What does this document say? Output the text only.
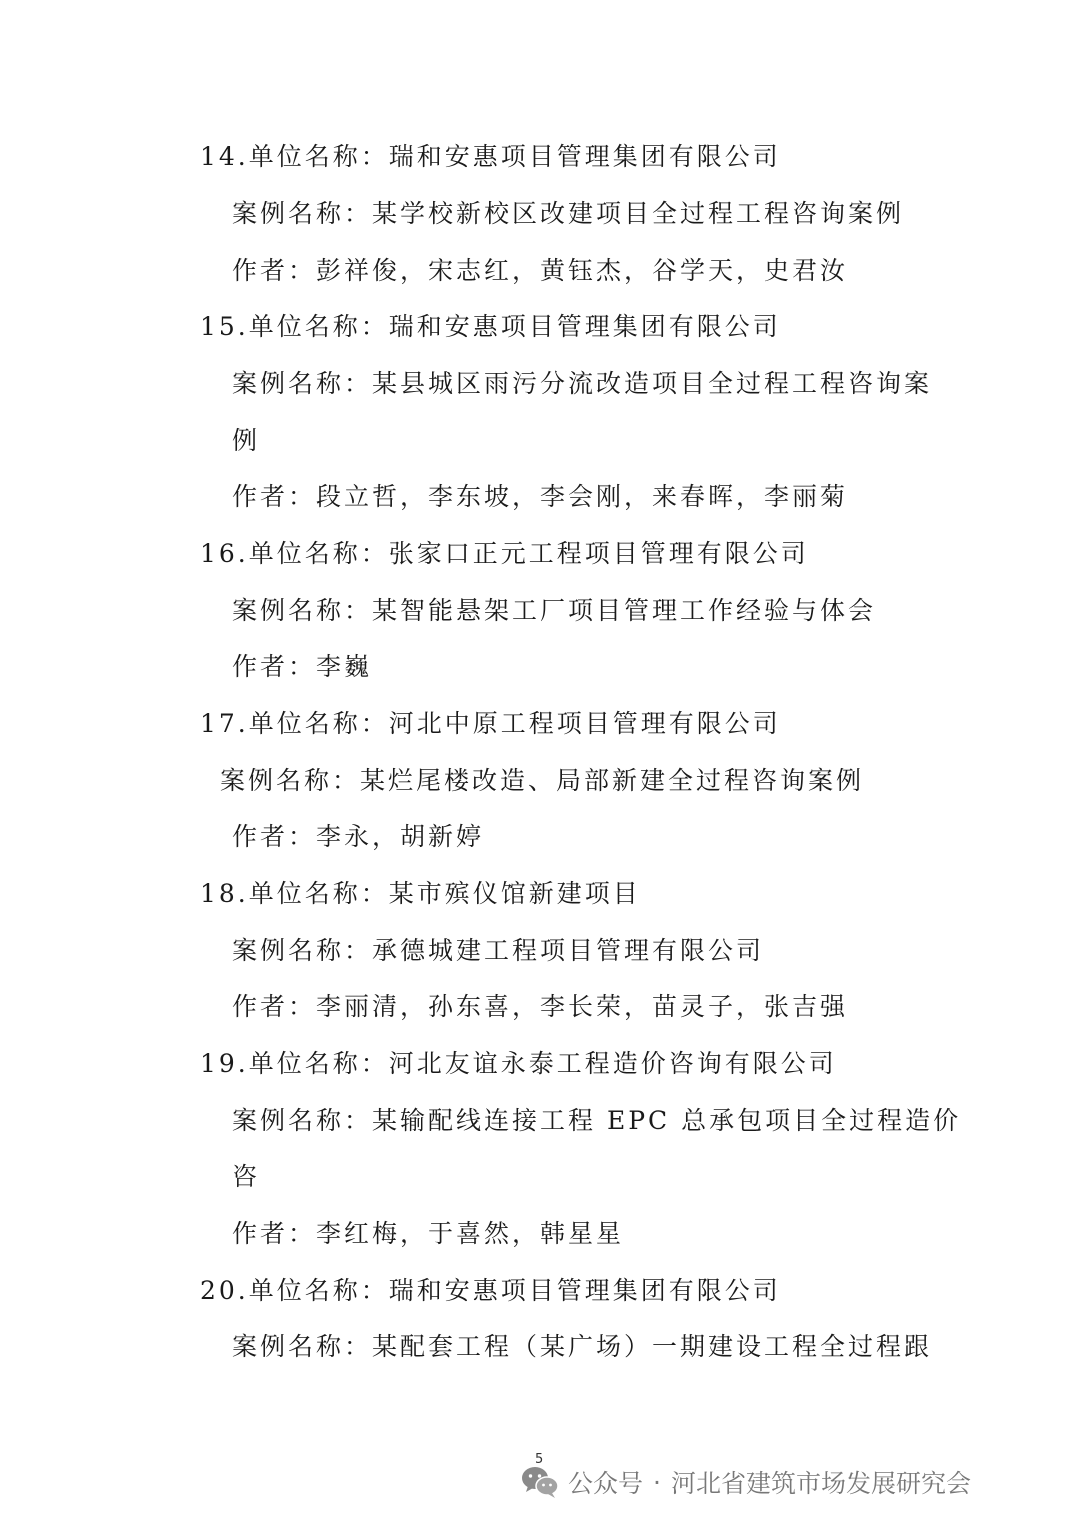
14.单位名称：瑞和安惠项目管理集团有限公司
案例名称：某学校新校区改建项目全过程工程咨询案例
作者：彭祥俊，宋志红，黄钰杰，谷学天，史君汝
15.单位名称：瑞和安惠项目管理集团有限公司
案例名称：某县城区雨污分流改造项目全过程工程咨询案
例
作者：段立哲，李东坡，李会刚，来春晖，李丽菊
16.单位名称：张家口正元工程项目管理有限公司
案例名称：某智能悬架工厂项目管理工作经验与体会
作者：李巍
17.单位名称：河北中原工程项目管理有限公司
案例名称：某烂尾楼改造、局部新建全过程咨询案例
作者：李永，胡新婷
18.单位名称：某市殡仪馆新建项目
案例名称：承德城建工程项目管理有限公司
作者：李丽清，孙东喜，李长荣，苗灵子，张吉强
19.单位名称：河北友谊永泰工程造价咨询有限公司
案例名称：某输配线连接工程 EPC 总承包项目全过程造价
咨
作者：李红梅，于喜然，韩星星
20.单位名称：瑞和安惠项目管理集团有限公司
案例名称：某配套工程（某广场）一期建设工程全过程跟
5
公众号 · 河北省建筑市场发展研究会
